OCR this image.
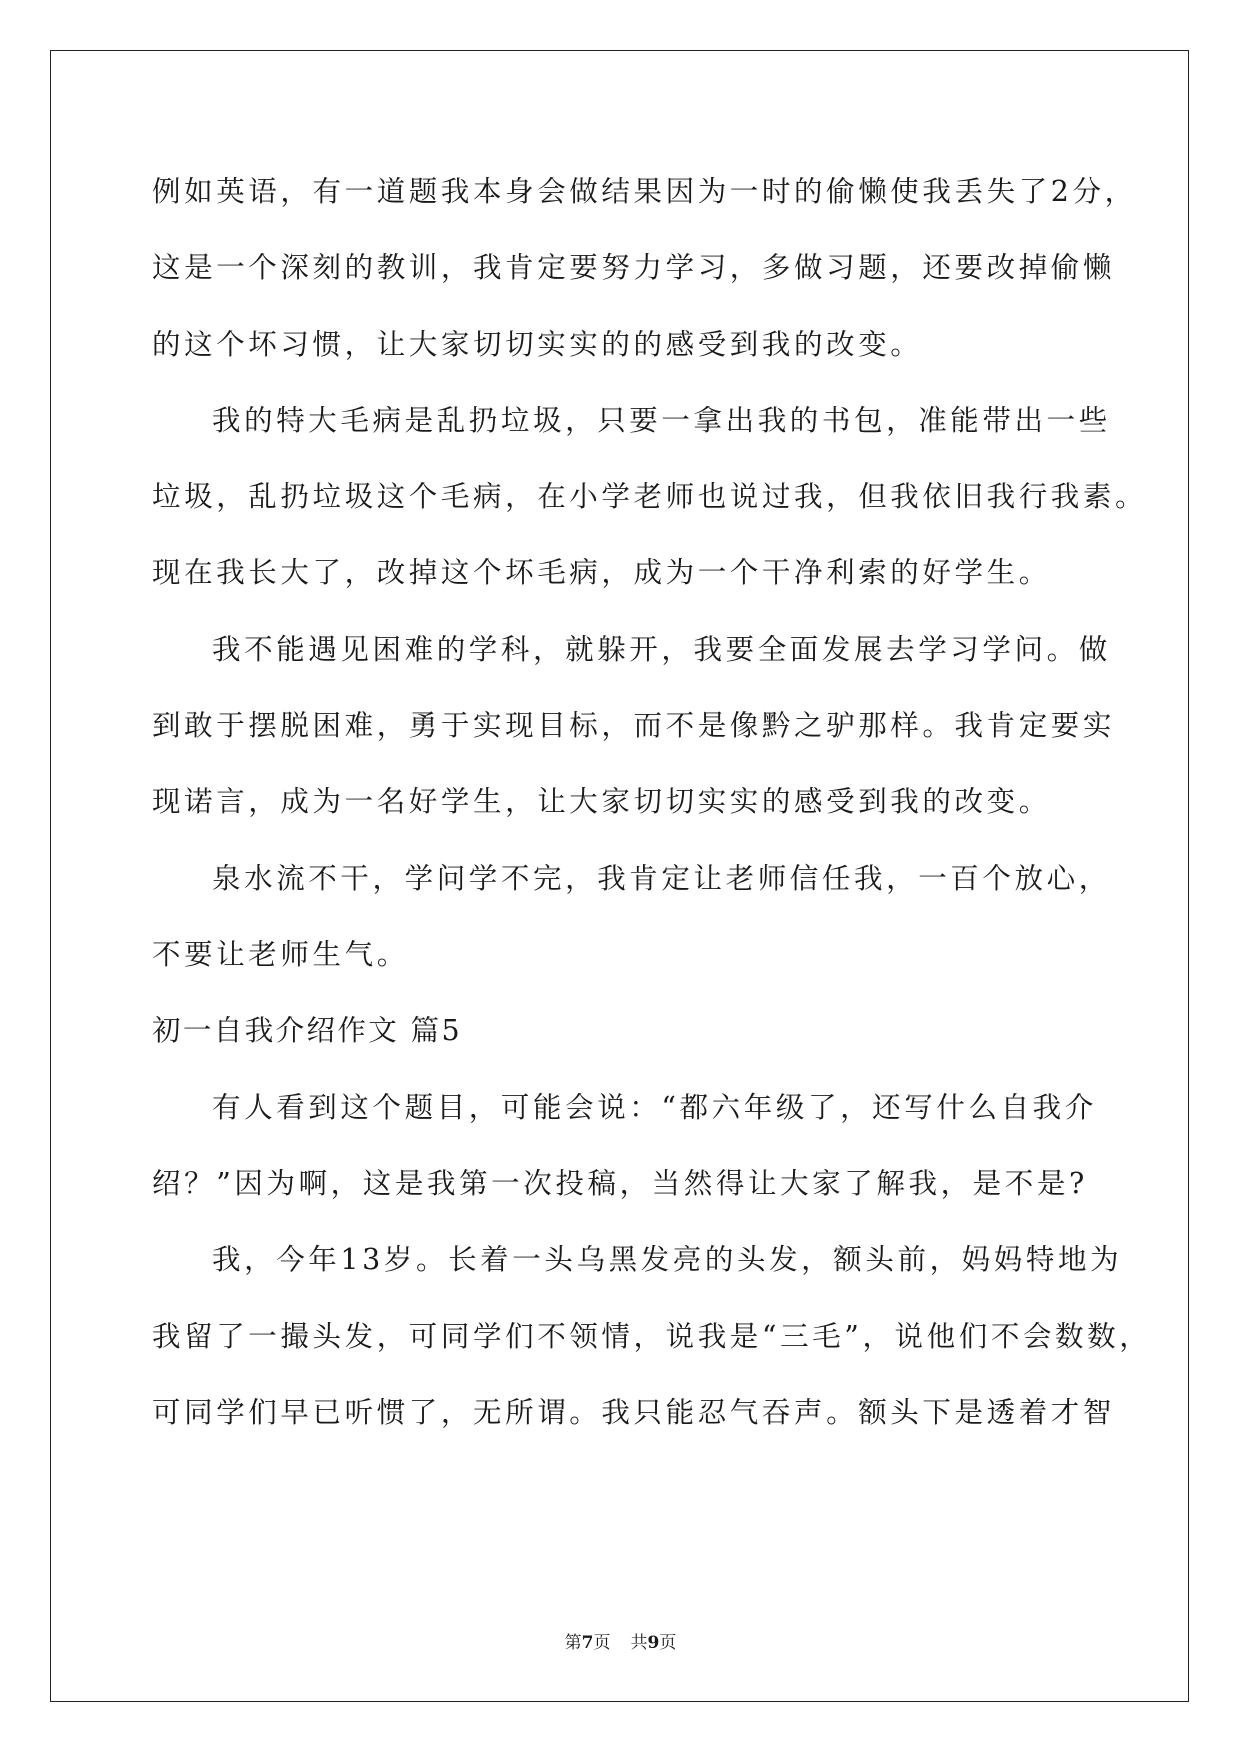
例如英语，有一道题我本身会做结果因为一时的偷懒使我丢失了2分，
这是一个深刻的教训，我肯定要努力学习，多做习题，还要改掉偷懒
的这个坏习惯，让大家切切实实的的感受到我的改变。
我的特大毛病是乱扔垃圾，只要一拿出我的书包，准能带出一些
垃圾，乱扔垃圾这个毛病，在小学老师也说过我，但我依旧我行我素。
现在我长大了，改掉这个坏毛病，成为一个干净利索的好学生。
我不能遇见困难的学科，就躲开，我要全面发展去学习学问。做
到敢于摆脱困难，勇于实现目标，而不是像黔之驴那样。我肯定要实
现诺言，成为一名好学生，让大家切切实实的感受到我的改变。
泉水流不干，学问学不完，我肯定让老师信任我，一百个放心，
不要让老师生气。
初一自我介绍作文 篇5
有人看到这个题目，可能会说：“都六年级了，还写什么自我介
绍？”因为啊，这是我第一次投稿，当然得让大家了解我，是不是?
我，今年13岁。长着一头乌黑发亮的头发，额头前，妈妈特地为
我留了一撮头发，可同学们不领情，说我是“三毛”，说他们不会数数，
可同学们早已听惯了，无所谓。我只能忍气吞声。额头下是透着才智
第7页 共9页
